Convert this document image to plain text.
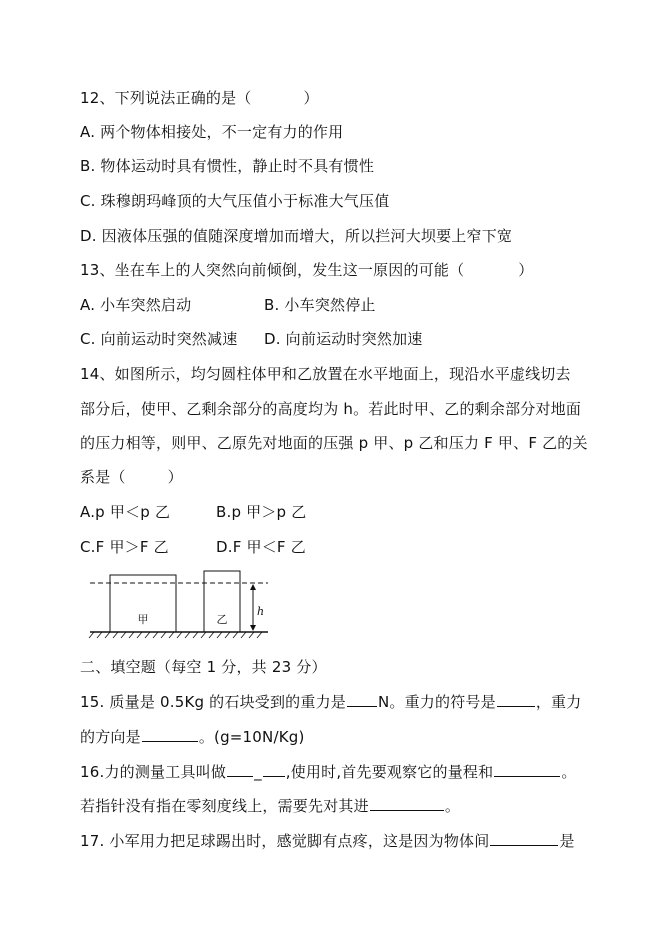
12、下列说法正确的是（	）
A. 两个物体相接处，不一定有力的作用
B. 物体运动时具有惯性，静止时不具有惯性
C. 珠穆朗玛峰顶的大气压值小于标准大气压值
D. 因液体压强的值随深度增加而增大，所以拦河大坝要上窄下宽
13、坐在车上的人突然向前倾倒，发生这一原因的可能（	）
A. 小车突然启动	B. 小车突然停止
C. 向前运动时突然减速 D. 向前运动时突然加速
14、如图所示，均匀圆柱体甲和乙放置在水平地面上，现沿水平虚线切去
部分后，使甲、乙剩余部分的高度均为 h。若此时甲、乙的剩余部分对地面
的压力相等，则甲、乙原先对地面的压强 p 甲、p 乙和压力 F 甲、F 乙的关
系是（	）
A.p 甲＜p 乙	B.p 甲＞p 乙
C.F 甲＞F 乙	D.F 甲＜F 乙
甲	乙
h
二、填空题（每空 1 分，共 23 分）
15. 质量是 0.5Kg 的石块受到的重力是 N。重力的符号是	，重力
的方向是	。(g=10N/Kg)
16.力的测量工具叫做 _ ,使用时,首先要观察它的量程和	。
若指针没有指在零刻度线上，需要先对其进	。
17. 小军用力把足球踢出时，感觉脚有点疼，这是因为物体间	是
